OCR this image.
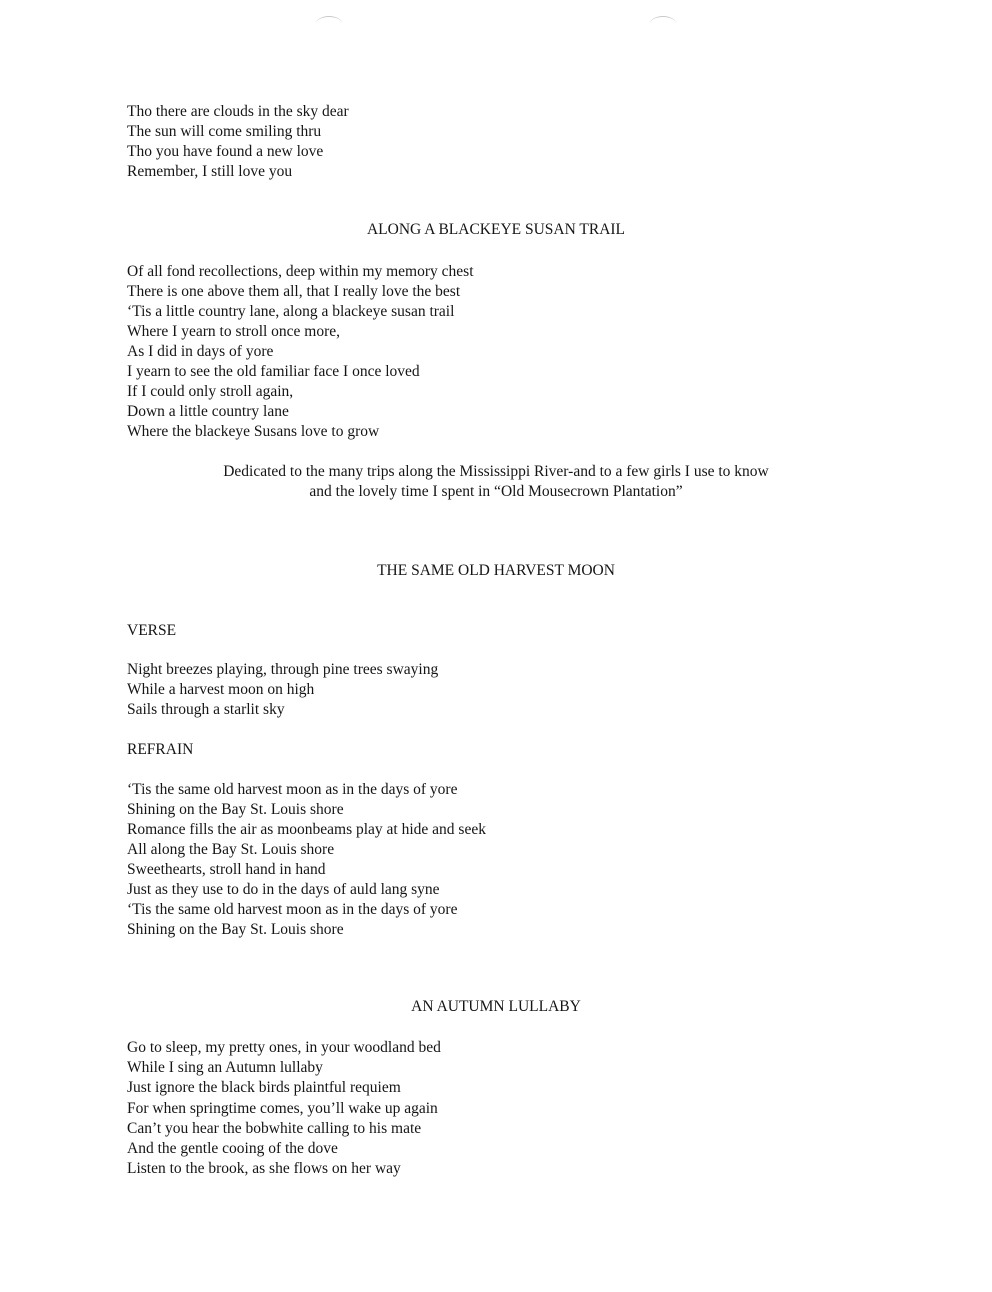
Tho there are clouds in the sky dear
The sun will come smiling thru
Tho you have found a new love
Remember, I still love you
ALONG A BLACKEYE SUSAN TRAIL
Of all fond recollections, deep within my memory chest
There is one above them all, that I really love the best
‘Tis a little country lane, along a blackeye susan trail
Where I yearn to stroll once more,
As I did in days of yore
I yearn to see the old familiar face I once loved
If I could only stroll again,
Down a little country lane
Where the blackeye Susans love to grow
Dedicated to the many trips along the Mississippi River-and to a few girls I use to know
and the lovely time I spent in “Old Mousecrown Plantation”
THE SAME OLD HARVEST MOON
VERSE
Night breezes playing, through pine trees swaying
While a harvest moon on high
Sails through a starlit sky
REFRAIN
‘Tis the same old harvest moon as in the days of yore
Shining on the Bay St. Louis shore
Romance fills the air as moonbeams play at hide and seek
All along the Bay St. Louis shore
Sweethearts, stroll hand in hand
Just as they use to do in the days of auld lang syne
‘Tis the same old harvest moon as in the days of yore
Shining on the Bay St. Louis shore
AN AUTUMN LULLABY
Go to sleep, my pretty ones, in your woodland bed
While I sing an Autumn lullaby
Just ignore the black birds plaintful requiem
For when springtime comes, you’ll wake up again
Can’t you hear the bobwhite calling to his mate
And the gentle cooing of the dove
Listen to the brook, as she flows on her way
